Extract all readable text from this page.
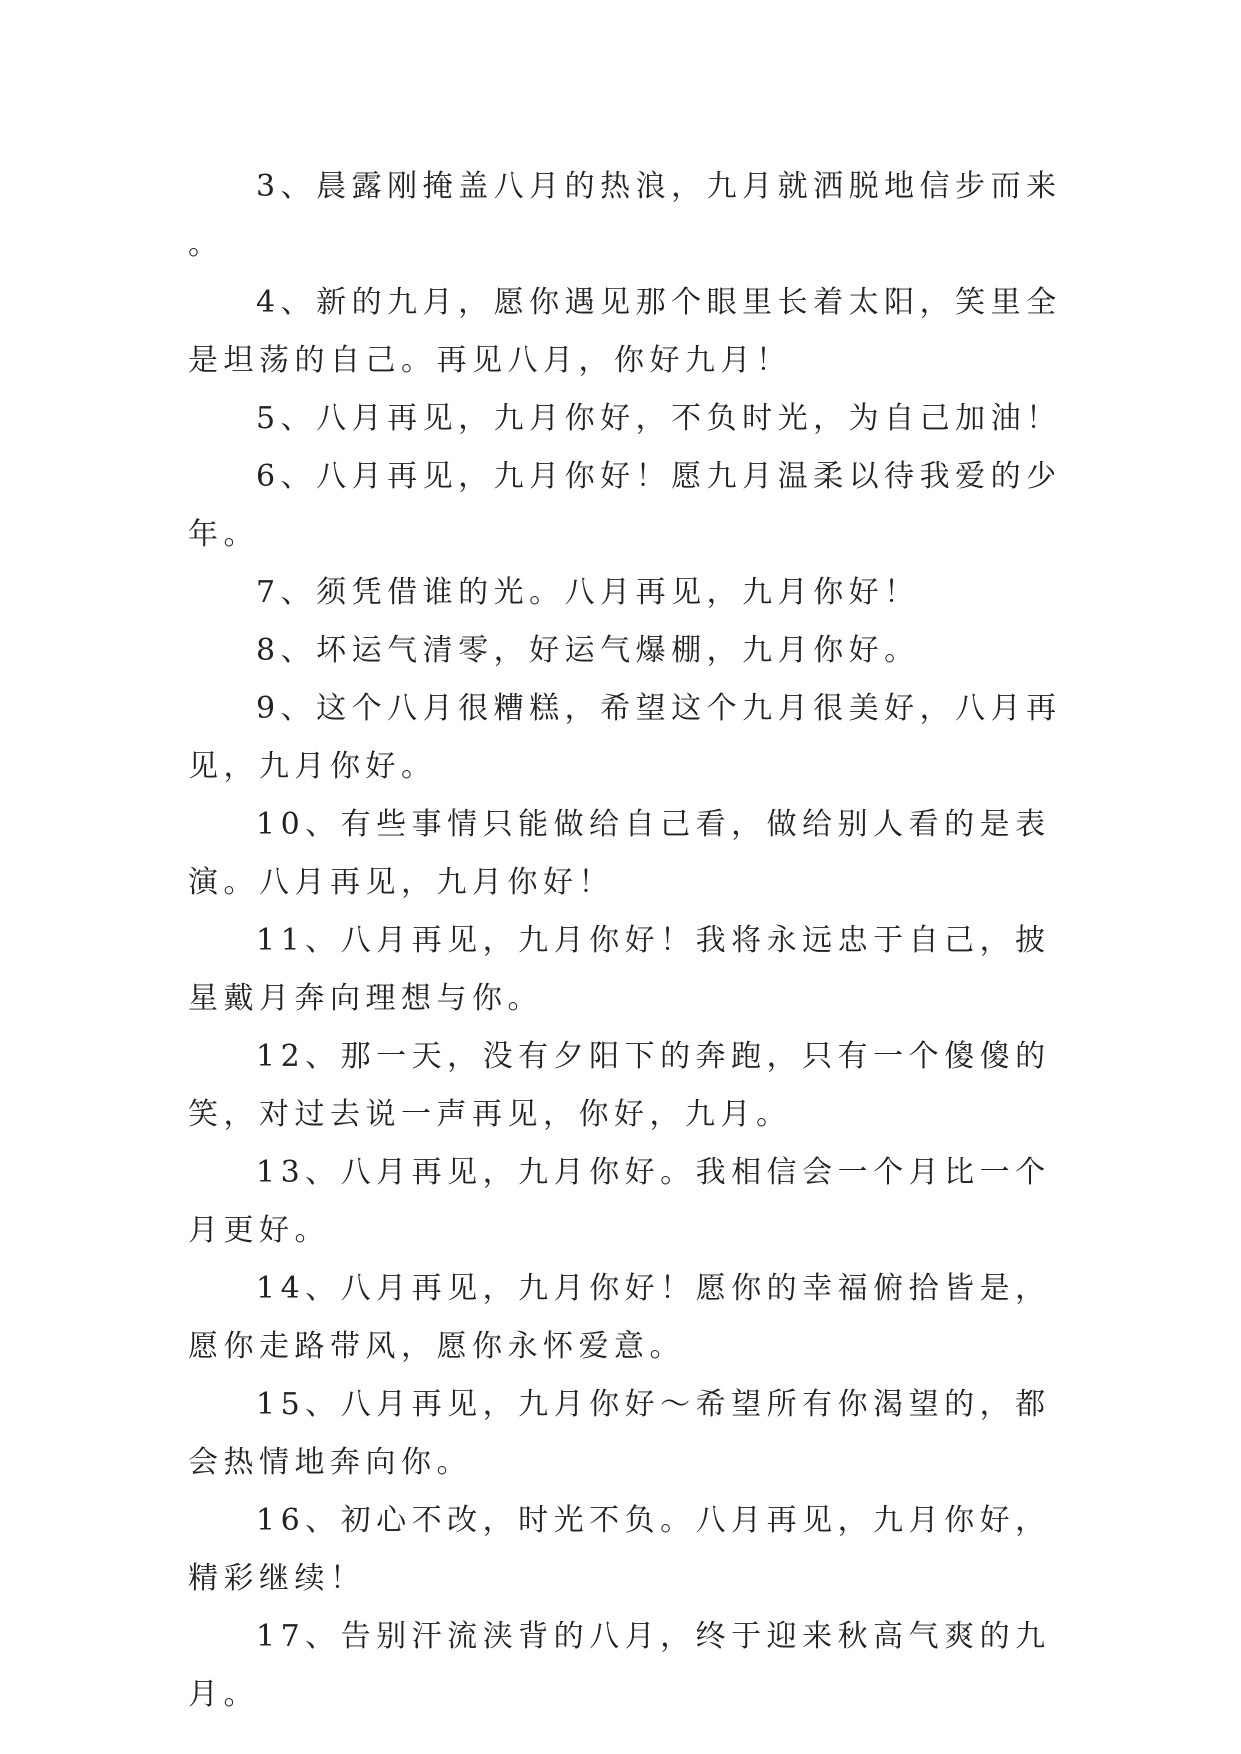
3、晨露刚掩盖八月的热浪，九月就洒脱地信步而来。

4、新的九月，愿你遇见那个眼里长着太阳，笑里全是坦荡的自己。再见八月，你好九月！

5、八月再见，九月你好，不负时光，为自己加油！

6、八月再见，九月你好！愿九月温柔以待我爱的少年。

7、须凭借谁的光。八月再见，九月你好！

8、坏运气清零，好运气爆棚，九月你好。

9、这个八月很糟糕，希望这个九月很美好，八月再见，九月你好。

10、有些事情只能做给自己看，做给别人看的是表演。八月再见，九月你好！

11、八月再见，九月你好！我将永远忠于自己，披星戴月奔向理想与你。

12、那一天，没有夕阳下的奔跑，只有一个傻傻的笑，对过去说一声再见，你好，九月。

13、八月再见，九月你好。我相信会一个月比一个月更好。

14、八月再见，九月你好！愿你的幸福俯拾皆是，愿你走路带风，愿你永怀爱意。

15、八月再见，九月你好～希望所有你渴望的，都会热情地奔向你。

16、初心不改，时光不负。八月再见，九月你好，精彩继续！

17、告别汗流浃背的八月，终于迎来秋高气爽的九月。
